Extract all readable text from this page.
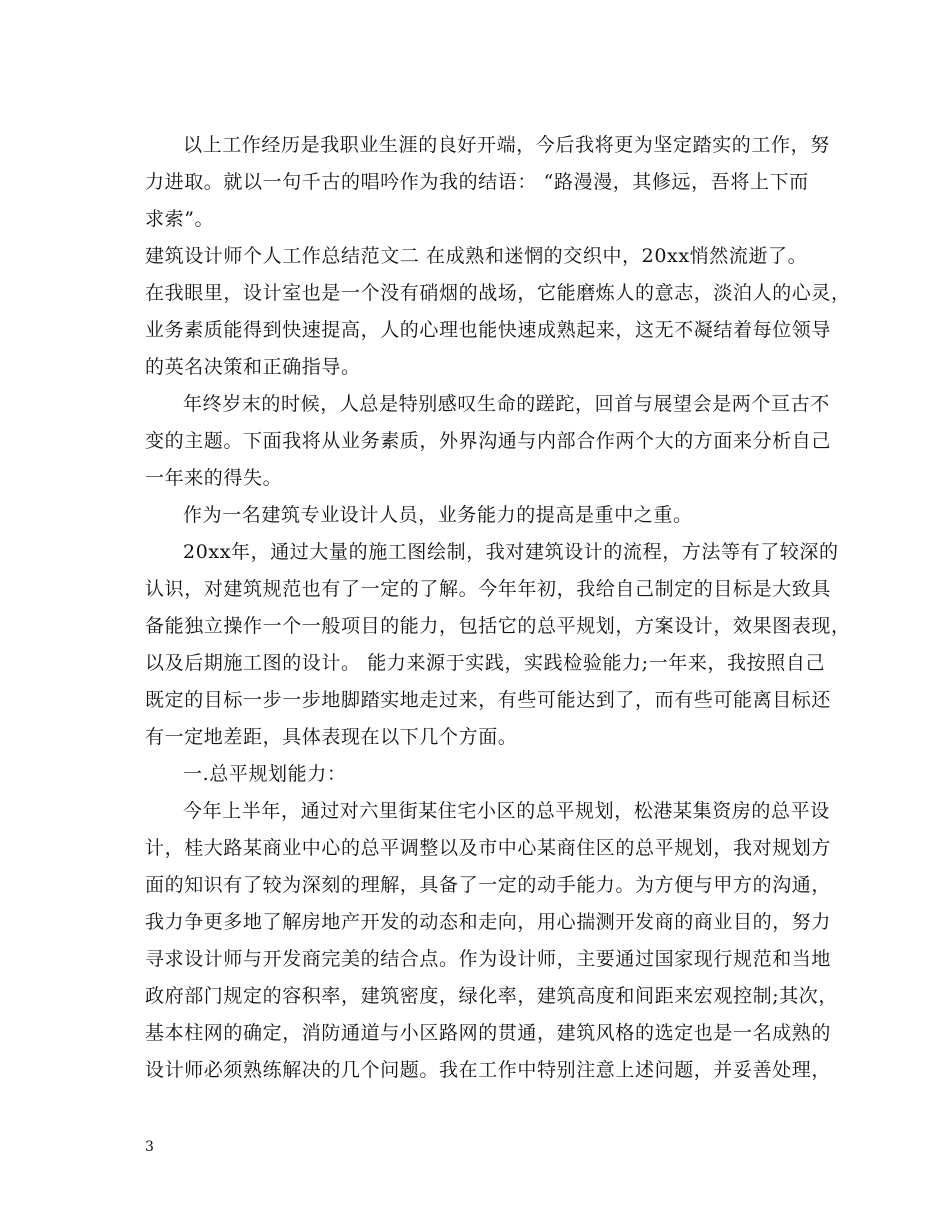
以上工作经历是我职业生涯的良好开端，今后我将更为坚定踏实的工作，努
力进取。就以一句千古的唱吟作为我的结语： “路漫漫，其修远，吾将上下而
求索”。
建筑设计师个人工作总结范文二 在成熟和迷惘的交织中，20xx悄然流逝了。
在我眼里，设计室也是一个没有硝烟的战场，它能磨炼人的意志，淡泊人的心灵，
业务素质能得到快速提高，人的心理也能快速成熟起来，这无不凝结着每位领导
的英名决策和正确指导。
年终岁末的时候，人总是特别感叹生命的蹉跎，回首与展望会是两个亘古不
变的主题。下面我将从业务素质，外界沟通与内部合作两个大的方面来分析自己
一年来的得失。
作为一名建筑专业设计人员，业务能力的提高是重中之重。
20xx年，通过大量的施工图绘制，我对建筑设计的流程，方法等有了较深的
认识，对建筑规范也有了一定的了解。今年年初，我给自己制定的目标是大致具
备能独立操作一个一般项目的能力，包括它的总平规划，方案设计，效果图表现，
以及后期施工图的设计。 能力来源于实践，实践检验能力;一年来，我按照自己
既定的目标一步一步地脚踏实地走过来，有些可能达到了，而有些可能离目标还
有一定地差距，具体表现在以下几个方面。
一.总平规划能力：
今年上半年，通过对六里街某住宅小区的总平规划，松港某集资房的总平设
计，桂大路某商业中心的总平调整以及市中心某商住区的总平规划，我对规划方
面的知识有了较为深刻的理解，具备了一定的动手能力。为方便与甲方的沟通，
我力争更多地了解房地产开发的动态和走向，用心揣测开发商的商业目的，努力
寻求设计师与开发商完美的结合点。作为设计师，主要通过国家现行规范和当地
政府部门规定的容积率，建筑密度，绿化率，建筑高度和间距来宏观控制;其次，
基本柱网的确定，消防通道与小区路网的贯通，建筑风格的选定也是一名成熟的
设计师必须熟练解决的几个问题。我在工作中特别注意上述问题，并妥善处理，
3
